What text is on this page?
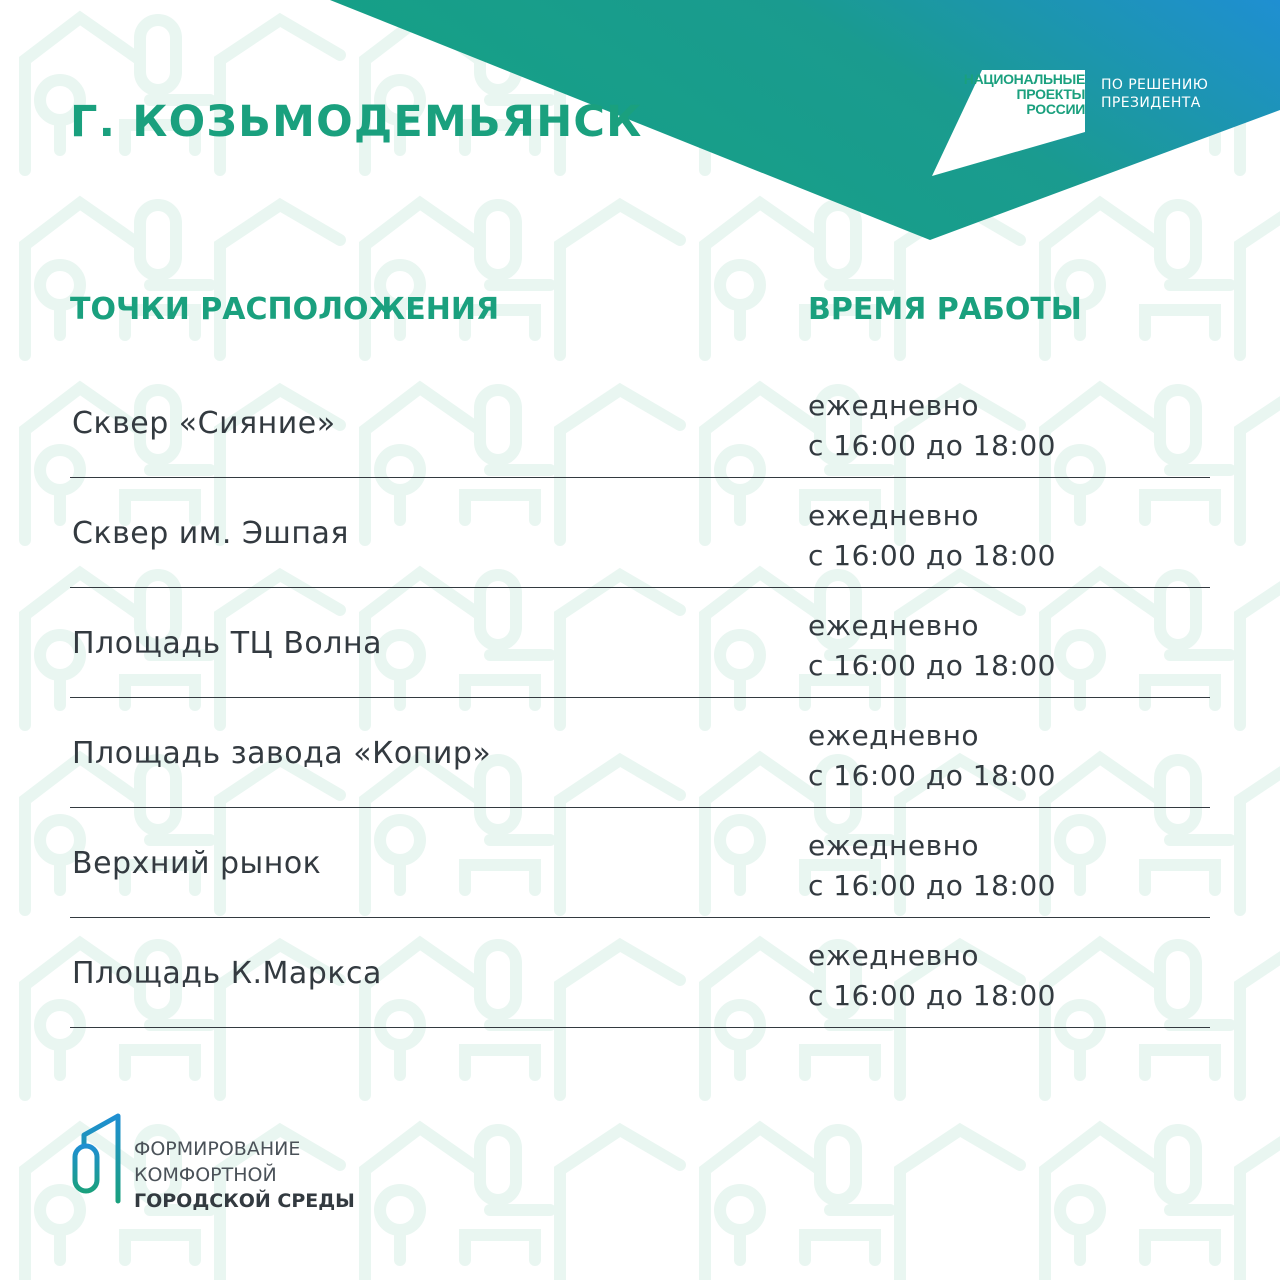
НАЦИОНАЛЬНЫЕ
ПРОЕКТЫ
РОССИИ
ПО РЕШЕНИЮ
ПРЕЗИДЕНТА
Г. КОЗЬМОДЕМЬЯНСК
ТОЧКИ РАСПОЛОЖЕНИЯ	ВРЕМЯ РАБОТЫ
Сквер «Сияние»
ежедневно
с 16:00 до 18:00
Сквер им. Эшпая
ежедневно
с 16:00 до 18:00
Площадь ТЦ Волна
ежедневно
с 16:00 до 18:00
Площадь завода «Копир»
ежедневно
с 16:00 до 18:00
Верхний рынок
ежедневно
с 16:00 до 18:00
Площадь К.Маркса
ежедневно
с 16:00 до 18:00
ФОРМИРОВАНИЕ
КОМФОРТНОЙ
ГОРОДСКОЙ СРЕДЫ
